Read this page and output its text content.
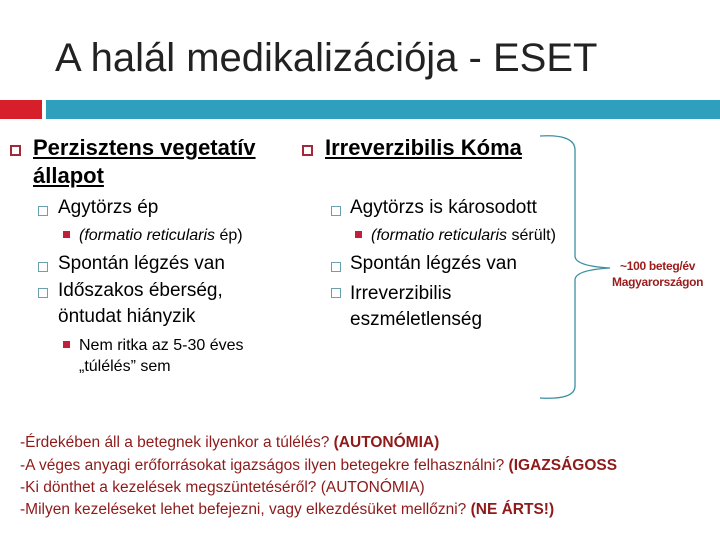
A halál medikalizációja - ESET
Perzisztens vegetatív
állapot
Agytörzs ép
(formatio reticularis ép)
Spontán légzés van
Időszakos éberség,
öntudat hiányzik
Nem ritka az 5-30 éves
„túlélés” sem
Irreverzibilis Kóma
Agytörzs is károsodott
(formatio reticularis sérült)
Spontán légzés van
Irreverzibilis
eszméletlenség
~100 beteg/év
Magyarországon
-Érdekében áll a betegnek ilyenkor a túlélés? (AUTONÓMIA)
-A véges anyagi erőforrásokat igazságos ilyen betegekre felhasználni? (IGAZSÁGOSS
-Ki dönthet a kezelések megszüntetéséről? (AUTONÓMIA)
-Milyen kezeléseket lehet befejezni, vagy elkezdésüket mellőzni? (NE ÁRTS!)
